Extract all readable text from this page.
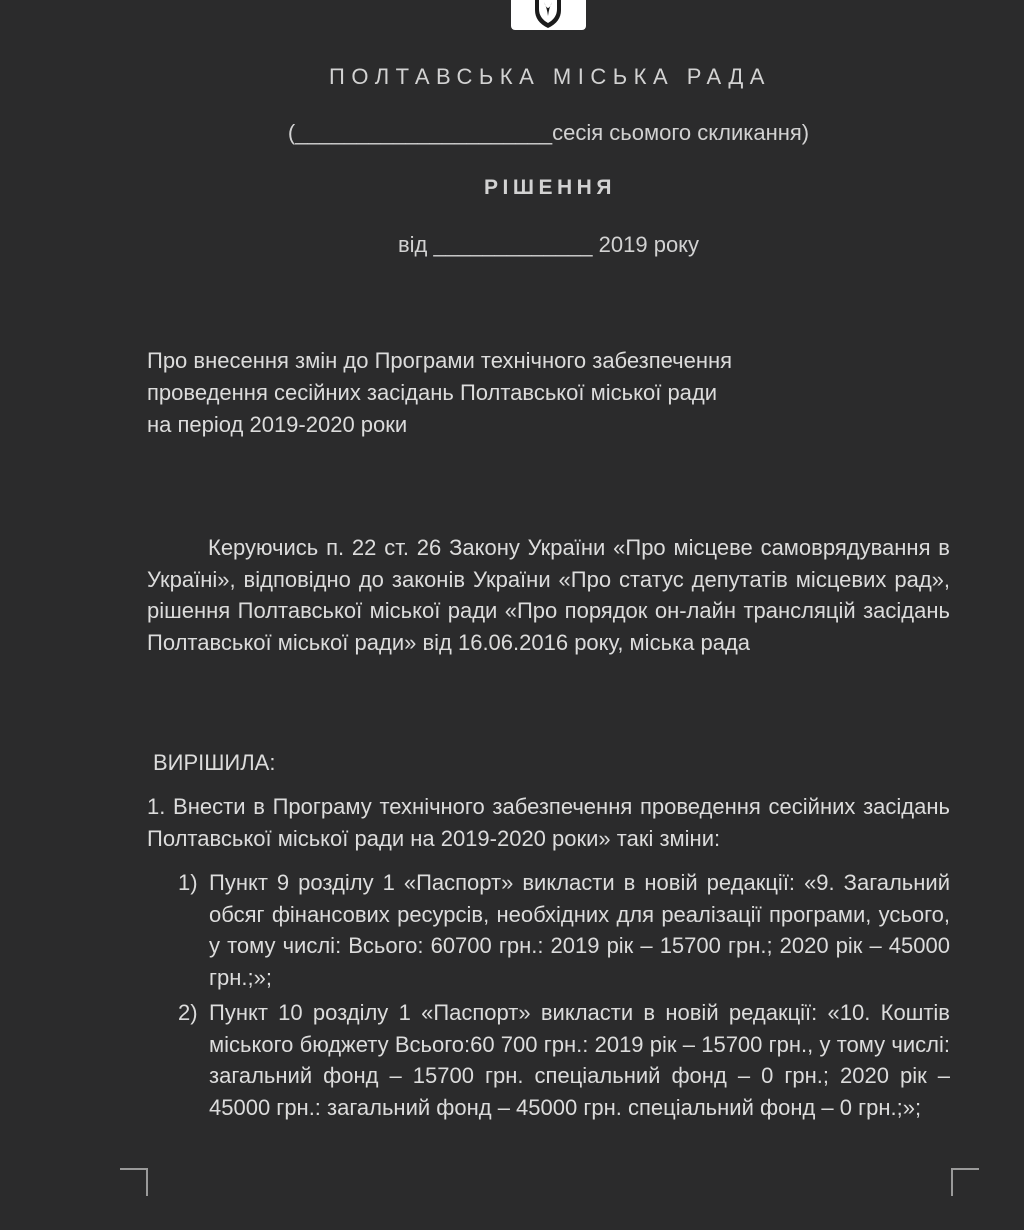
ПОЛТАВСЬКА МІСЬКА РАДА
(_____________________сесія сьомого скликання)
РІШЕННЯ
від _____________ 2019 року
Про внесення змін до Програми технічного забезпечення
проведення сесійних засідань Полтавської міської ради
на період 2019-2020 роки
Керуючись п. 22 ст. 26 Закону України «Про місцеве самоврядування в Україні», відповідно до законів України «Про статус депутатів місцевих рад», рішення Полтавської міської ради «Про порядок он-лайн трансляцій засідань Полтавської міської ради» від 16.06.2016 року, міська рада
ВИРІШИЛА:
1. Внести в Програму технічного забезпечення проведення сесійних засідань Полтавської міської ради на 2019-2020 роки» такі зміни:
1) Пункт 9 розділу 1 «Паспорт» викласти в новій редакції: «9. Загальний обсяг фінансових ресурсів, необхідних для реалізації програми, усього, у тому числі: Всього: 60700 грн.: 2019 рік – 15700 грн.; 2020 рік – 45000 грн.;»;
2) Пункт 10 розділу 1 «Паспорт» викласти в новій редакції: «10. Коштів міського бюджету Всього:60 700 грн.: 2019 рік – 15700 грн., у тому числі: загальний фонд – 15700 грн. спеціальний фонд – 0 грн.; 2020 рік – 45000 грн.: загальний фонд – 45000 грн. спеціальний фонд – 0 грн.;»;
